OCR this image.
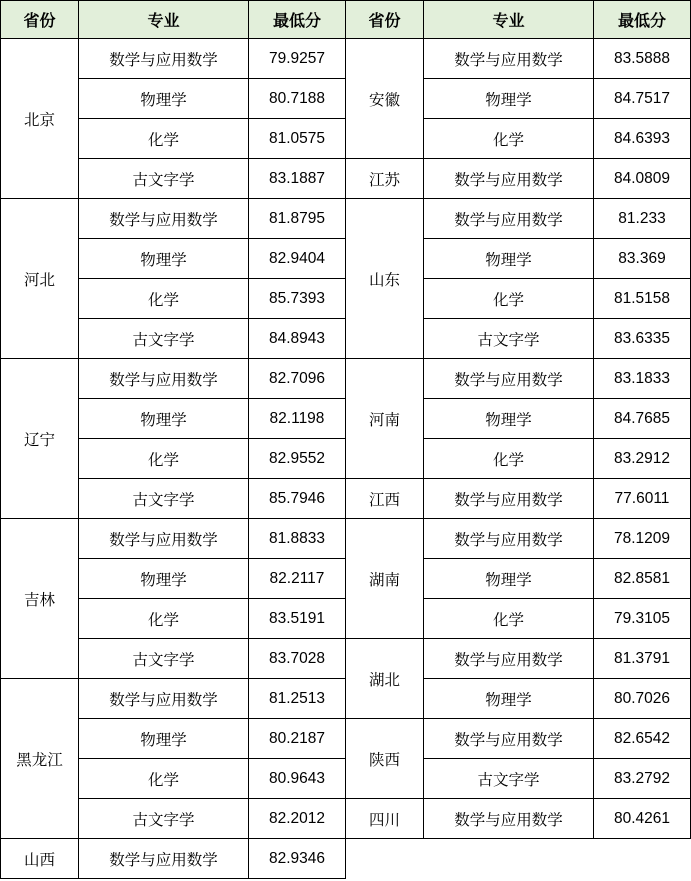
省份	专业	最低分
北京	数学与应用数学	79.9257
	物理学	80.7188
	化学	81.0575
	古文字学	83.1887
河北	数学与应用数学	81.8795
	物理学	82.9404
	化学	85.7393
	古文字学	84.8943
辽宁	数学与应用数学	82.7096
	物理学	82.1198
	化学	82.9552
	古文字学	85.7946
吉林	数学与应用数学	81.8833
	物理学	82.2117
	化学	83.5191
	古文字学	83.7028
黑龙江	数学与应用数学	81.2513
	物理学	80.2187
	化学	80.9643
	古文字学	82.2012
山西	数学与应用数学	82.9346
省份	专业	最低分
安徽	数学与应用数学	83.5888
	物理学	84.7517
	化学	84.6393
江苏	数学与应用数学	84.0809
山东	数学与应用数学	81.233
	物理学	83.369
	化学	81.5158
	古文字学	83.6335
河南	数学与应用数学	83.1833
	物理学	84.7685
	化学	83.2912
江西	数学与应用数学	77.6011
湖南	数学与应用数学	78.1209
	物理学	82.8581
	化学	79.3105
湖北	数学与应用数学	81.3791
	物理学	80.7026
陕西	数学与应用数学	82.6542
	古文字学	83.2792
四川	数学与应用数学	80.4261
